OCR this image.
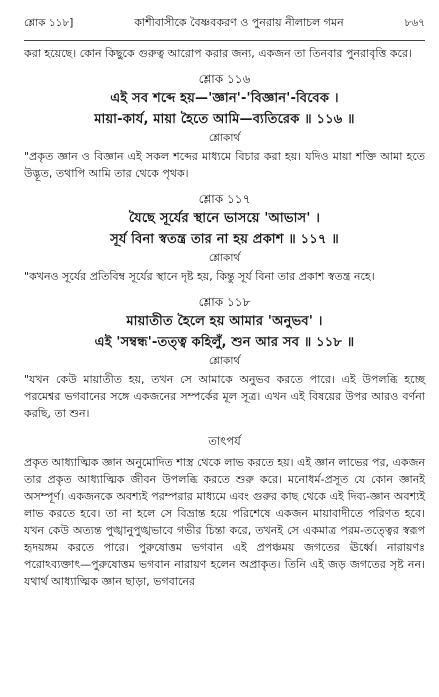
শ্লোক ১১৮]	কাশীবাসীকে বৈষ্ণবকরণ ও পুনরায় নীলাচল গমন	৮৬৭

করা হয়েছে। কোন কিছুকে গুরুত্ব আরোপ করার জন্য, একজন তা তিনবার পুনরাবৃত্তি করে।

শ্লোক ১১৬
এই সব শব্দে হয়—'জ্ঞান'-'বিজ্ঞান'-বিবেক ।
মায়া-কার্য, মায়া হৈতে আমি—ব্যতিরেক ॥ ১১৬ ॥
শ্লোকার্থ

"প্রকৃত জ্ঞান ও বিজ্ঞান এই সকল শব্দের মাধ্যমে বিচার করা হয়। যদিও মায়া শক্তি আমা হতে উদ্ভূত, তথাপি আমি তার থেকে পৃথক।

শ্লোক ১১৭
যৈছে সূর্যের স্থানে ভাসয়ে 'আভাস' ।
সূর্য বিনা স্বতন্ত্র তার না হয় প্রকাশ ॥ ১১৭ ॥
শ্লোকার্থ

"কখনও সূর্যের প্রতিবিম্ব সূর্যের স্থানে দৃষ্ট হয়, কিন্তু সূর্য বিনা তার প্রকাশ স্বতন্ত্র নহে।

শ্লোক ১১৮
মায়াতীত হৈলে হয় আমার 'অনুভব' ।
এই 'সম্বন্ধ'-তত্ত্ব কহিলুঁ, শুন আর সব ॥ ১১৮ ॥
শ্লোকার্থ

"যখন কেউ মায়াতীত হয়, তখন সে আমাকে অনুভব করতে পারে। এই উপলব্ধি হচ্ছে পরমেশ্বর ভগবানের সঙ্গে একজনের সম্পর্কের মূল সূত্র। এখন এই বিষয়ের উপর আরও বর্ণনা করছি, তা শুন।

তাৎপর্য

প্রকৃত আধ্যাত্মিক জ্ঞান অনুমোদিত শাস্ত্র থেকে লাভ করতে হয়। এই জ্ঞান লাভের পর, একজন তার প্রকৃত আধ্যাত্মিক জীবন উপলব্ধি করতে শুরু করে। মনোধর্ম-প্রসূত যে কোন জ্ঞানই অসম্পূর্ণ। একজনকে অবশ্যই পরম্পরার মাধ্যমে এবং গুরুর কাছ থেকে এই দিব্য-জ্ঞান অবশ্যই লাভ করতে হবে। তা না হলে সে বিভ্রান্ত হয়ে পরিশেষে একজন মায়াবাদীতে পরিণত হবে। যখন কেউ অত্যন্ত পুঙ্খানুপুঙ্খভাবে গভীর চিন্তা করে, তখনই সে একমাত্র পরম-তত্ত্বের স্বরূপ হৃদয়ঙ্গম করতে পারে। পুরুষোত্তম ভগবান এই প্রপঞ্চময় জগতের ঊর্ধ্বে। নারায়ণঃ পরোঽব্যক্তাৎ—পুরুষোত্তম ভগবান নারায়ণ হলেন অপ্রাকৃত। তিনি এই জড় জগতের সৃষ্ট নন। যথার্থ আধ্যাত্মিক জ্ঞান ছাড়া, ভগবানের
